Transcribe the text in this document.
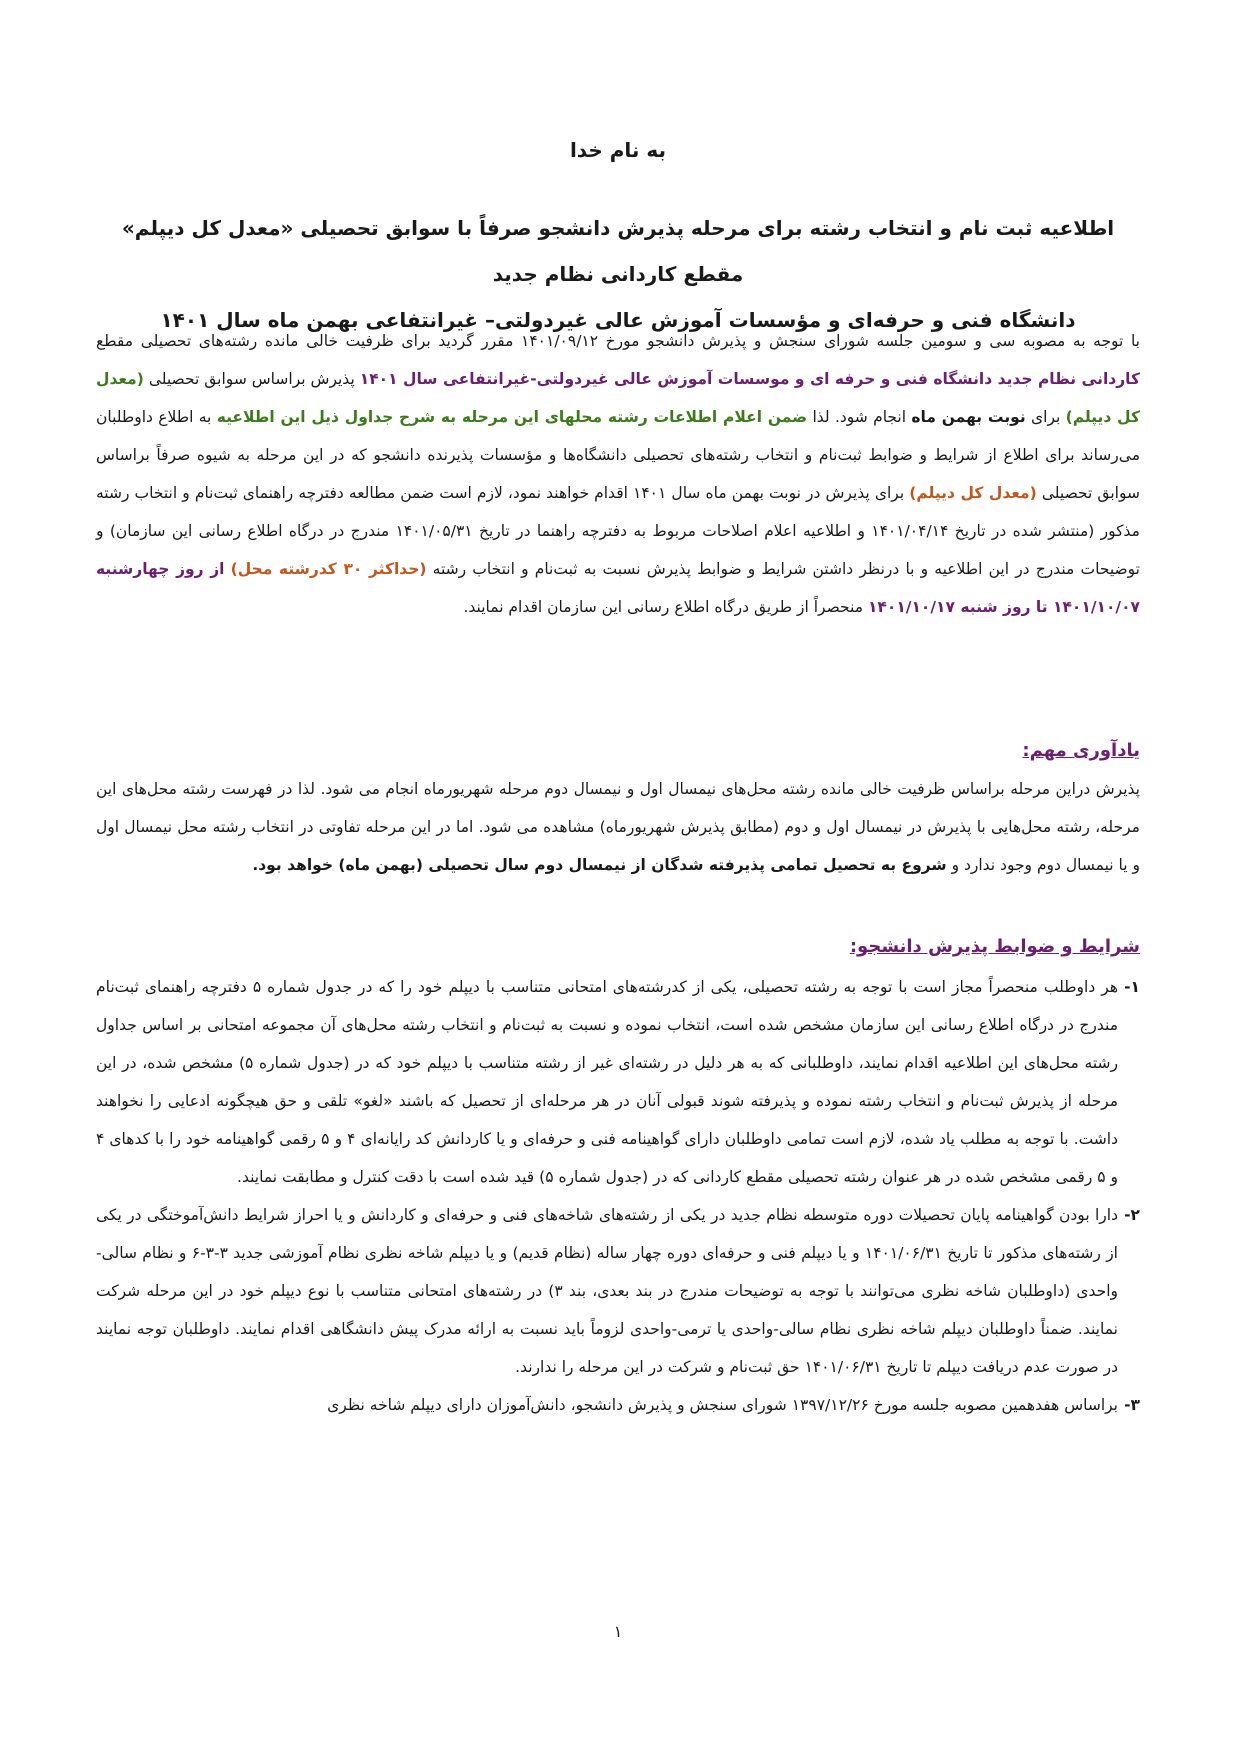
به نام خدا
اطلاعیه ثبت نام و انتخاب رشته برای مرحله پذیرش دانشجو صرفاً با سوابق تحصیلی «معدل کل دیپلم» مقطع کاردانی نظام جدید
دانشگاه فنی و حرفه‌ای و مؤسسات آموزش عالی غیردولتی– غیرانتفاعی بهمن ماه سال ۱۴۰۱
با توجه به مصوبه سی و سومین جلسه شورای سنجش و پذیرش دانشجو مورخ ۱۴۰۱/۰۹/۱۲ مقرر گردید برای ظرفیت خالی مانده رشته‌های تحصیلی مقطع کاردانی نظام جدید دانشگاه فنی و حرفه ای و موسسات آموزش عالی غیردولتی-غیرانتفاعی سال ۱۴۰۱ پذیرش براساس سوابق تحصیلی (معدل کل دیپلم) برای نوبت بهمن ماه انجام شود. لذا ضمن اعلام اطلاعات رشته محلهای این مرحله به شرح جداول ذیل این اطلاعیه به اطلاع داوطلبان می‌رساند برای اطلاع از شرایط و ضوابط ثبت‌نام و انتخاب رشته‌های تحصیلی دانشگاه‌ها و مؤسسات پذیرنده دانشجو که در این مرحله به شیوه صرفاً براساس سوابق تحصیلی (معدل کل دیپلم) برای پذیرش در نوبت بهمن ماه سال ۱۴۰۱ اقدام خواهند نمود، لازم است ضمن مطالعه دفترچه راهنمای ثبت‌نام و انتخاب رشته مذکور (منتشر شده در تاریخ ۱۴۰۱/۰۴/۱۴ و اطلاعیه اعلام اصلاحات مربوط به دفترچه راهنما در تاریخ ۱۴۰۱/۰۵/۳۱ مندرج در درگاه اطلاع رسانی این سازمان) و توضیحات مندرج در این اطلاعیه و با درنظر داشتن شرایط و ضوابط پذیرش نسبت به ثبت‌نام و انتخاب رشته (حداکثر ۳۰ کدرشته محل) از روز چهارشنبه ۱۴۰۱/۱۰/۰۷ تا روز شنبه ۱۴۰۱/۱۰/۱۷ منحصراً از طریق درگاه اطلاع رسانی این سازمان اقدام نمایند.
یادآوری مهم:
پذیرش دراین مرحله براساس ظرفیت خالی مانده رشته محل‌های نیمسال اول و نیمسال دوم مرحله شهریورماه انجام می شود. لذا در فهرست رشته محل‌های این مرحله، رشته محل‌هایی با پذیرش در نیمسال اول و دوم (مطابق پذیرش شهریورماه) مشاهده می شود. اما در این مرحله تفاوتی در انتخاب رشته محل نیمسال اول و یا نیمسال دوم وجود ندارد و شروع به تحصیل تمامی پذیرفته شدگان از نیمسال دوم سال تحصیلی (بهمن ماه) خواهد بود.
شرایط و ضوابط پذیرش دانشجو:
۱-
هر داوطلب منحصراً مجاز است با توجه به رشته تحصیلی، یکی از کدرشته‌های امتحانی متناسب با دیپلم خود را که در جدول شماره ۵ دفترچه راهنمای ثبت‌نام مندرج در درگاه اطلاع رسانی این سازمان مشخص شده است، انتخاب نموده و نسبت به ثبت‌نام و انتخاب رشته محل‌های آن مجموعه امتحانی بر اساس جداول رشته محل‌های این اطلاعیه اقدام نمایند، داوطلبانی که به هر دلیل در رشته‌ای غیر از رشته متناسب با دیپلم خود که در (جدول شماره ۵) مشخص شده، در این مرحله از پذیرش ثبت‌نام و انتخاب رشته نموده و پذیرفته شوند قبولی آنان در هر مرحله‌ای از تحصیل که باشند «لغو» تلقی و حق هیچگونه ادعایی را نخواهند داشت. با توجه به مطلب یاد شده، لازم است تمامی داوطلبان دارای گواهینامه فنی و حرفه‌ای و یا کاردانش کد رایانه‌ای ۴ و ۵ رقمی گواهینامه خود را با کدهای ۴ و ۵ رقمی مشخص شده در هر عنوان رشته تحصیلی مقطع کاردانی که در (جدول شماره ۵) قید شده است با دقت کنترل و مطابقت نمایند.
۲-
دارا بودن گواهینامه پایان تحصیلات دوره متوسطه نظام جدید در یکی از رشته‌های شاخه‌های فنی و حرفه‌ای و کاردانش و یا احراز شرایط دانش‌آموختگی در یکی از رشته‌های مذکور تا تاریخ ۱۴۰۱/۰۶/۳۱ و یا دیپلم فنی و حرفه‌ای دوره چهار ساله (نظام قدیم) و یا دیپلم شاخه نظری نظام آموزشی جدید ۳-۳-۶ و نظام سالی-واحدی (داوطلبان شاخه نظری می‌توانند با توجه به توضیحات مندرج در بند بعدی، بند ۳) در رشته‌های امتحانی متناسب با نوع دیپلم خود در این مرحله شرکت نمایند. ضمناً داوطلبان دیپلم شاخه نظری نظام سالی-واحدی یا ترمی-واحدی لزوماً باید نسبت به ارائه مدرک پیش دانشگاهی اقدام نمایند. داوطلبان توجه نمایند در صورت عدم دریافت دیپلم تا تاریخ ۱۴۰۱/۰۶/۳۱ حق ثبت‌نام و شرکت در این مرحله را ندارند.
۳-
براساس هفدهمین مصوبه جلسه مورخ ۱۳۹۷/۱۲/۲۶ شورای سنجش و پذیرش دانشجو، دانش‌آموزان دارای دیپلم شاخه نظری
۱
